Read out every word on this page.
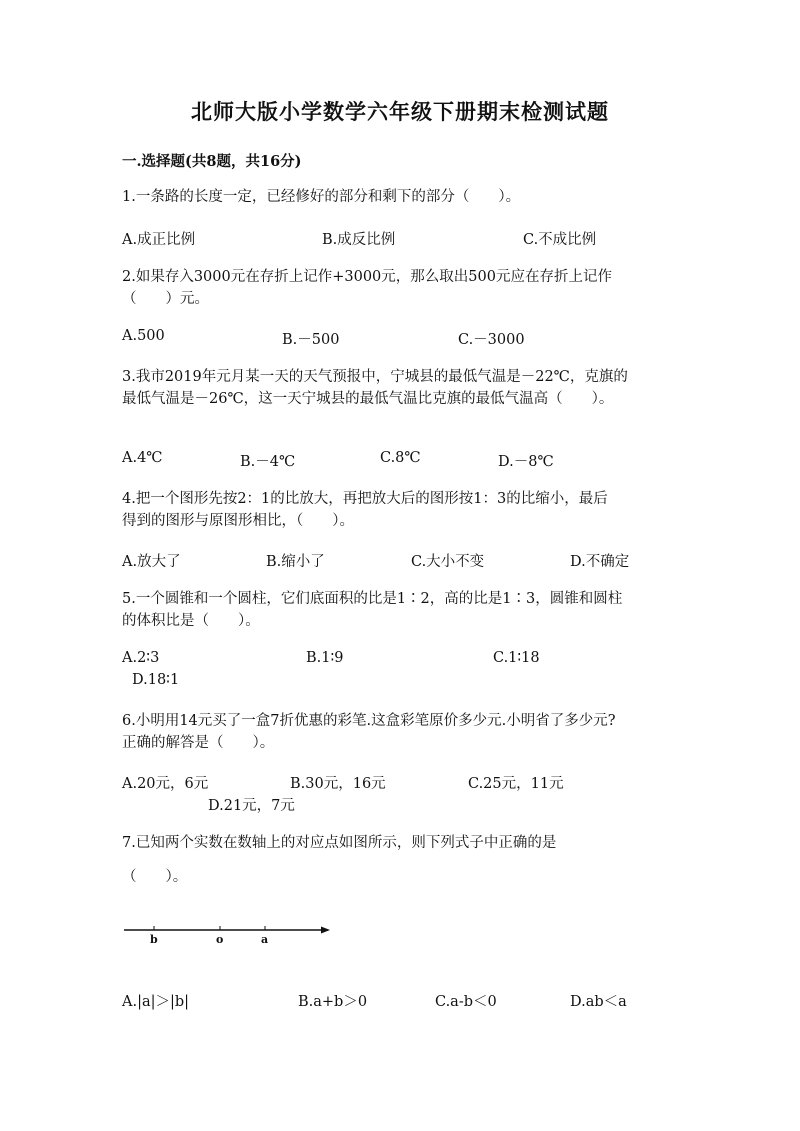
北师大版小学数学六年级下册期末检测试题
一.选择题(共8题，共16分)
1.一条路的长度一定，已经修好的部分和剩下的部分（　　）。
A.成正比例	B.成反比例	C.不成比例
2.如果存入3000元在存折上记作+3000元，那么取出500元应在存折上记作
（　　）元。
A.500	B.－500	C.－3000
3.我市2019年元月某一天的天气预报中，宁城县的最低气温是－22℃，克旗的
最低气温是－26℃，这一天宁城县的最低气温比克旗的最低气温高（　　）。
A.4℃	B.－4℃	C.8℃	D.－8℃
4.把一个图形先按2：1的比放大，再把放大后的图形按1：3的比缩小，最后
得到的图形与原图形相比，（　　）。
A.放大了	B.缩小了	C.大小不变	D.不确定
5.一个圆锥和一个圆柱，它们底面积的比是1∶2，高的比是1∶3，圆锥和圆柱
的体积比是（　　）。
A.2∶3	B.1∶9	C.1∶18
D.18∶1
6.小明用14元买了一盒7折优惠的彩笔.这盒彩笔原价多少元.小明省了多少元?
正确的解答是（　　）。
A.20元，6元	B.30元，16元	C.25元，11元
D.21元，7元
7.已知两个实数在数轴上的对应点如图所示，则下列式子中正确的是
（　　）。
b	o	a
A.|a|＞|b|	B.a+b＞0	C.a-b＜0	D.ab＜a
